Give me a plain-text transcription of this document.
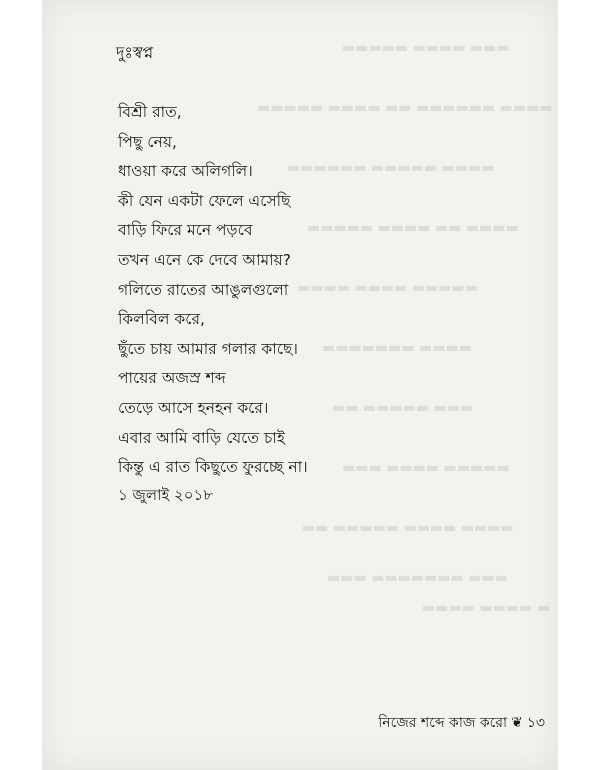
▬▬▬ ▬▬▬▬ ▬▬▬▬▬
▬▬▬▬ ▬▬▬▬▬▬ ▬▬ ▬▬▬▬ ▬▬▬▬▬
▬▬▬▬ ▬▬▬▬▬ ▬▬▬▬▬▬
▬▬▬▬ ▬▬ ▬▬▬▬ ▬▬▬▬▬
▬▬▬▬▬ ▬▬▬▬ ▬▬▬▬
▬▬▬▬ ▬▬▬▬▬▬▬
▬▬▬ ▬▬▬▬▬ ▬▬
▬▬▬▬▬ ▬▬▬▬ ▬▬▬
▬▬▬▬ ▬▬▬▬ ▬▬▬▬▬ ▬▬
▬▬▬ ▬▬▬▬▬▬▬ ▬▬▬
▬ ▬▬▬▬ ▬▬▬▬
দুঃস্বপ্ন
বিশ্রী রাত,
পিছু নেয়,
ধাওয়া করে অলিগলি।
কী যেন একটা ফেলে এসেছি
বাড়ি ফিরে মনে পড়বে
তখন এনে কে দেবে আমায়?
গলিতে রাতের আঙুলগুলো
কিলবিল করে,
ছুঁতে চায় আমার গলার কাছে।
পায়ের অজস্র শব্দ
তেড়ে আসে হনহন করে।
এবার আমি বাড়ি যেতে চাই
কিন্তু এ রাত কিছুতে ফুরচ্ছে না।
১ জুলাই ২০১৮
নিজের শব্দে কাজ করো ❦ ১৩
